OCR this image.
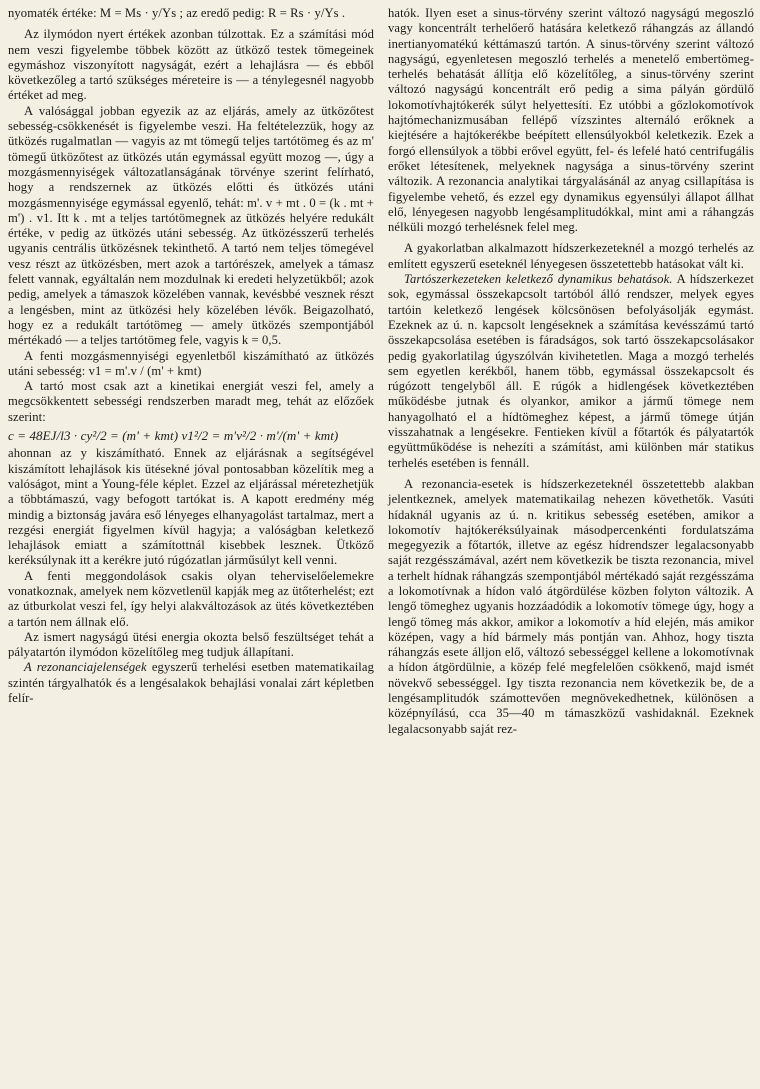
nyomaték értéke: M = Ms · y/Ys ; az eredő pedig: R = Rs · y/Ys .

Az ilymódon nyert értékek azonban túlzottak. Ez a számítási mód nem veszi figyelembe többek között az ütköző testek tömegeinek egymáshoz viszonyított nagyságát, ezért a lehajlásra — és ebből következőleg a tartó szükséges méreteire is — a ténylegesnél nagyobb értéket ad meg.

A valósággal jobban egyezik az az eljárás, amely az ütközőtest sebesség-csökkenését is figyelembe veszi. Ha feltételezzük, hogy az ütközés rugalmatlan — vagyis az mt tömegű teljes tartótömeg és az m' tömegű ütközőtest az ütközés után egymással együtt mozog —, úgy a mozgásmennyiségek változatlanságának törvénye szerint felírható, hogy a rendszernek az ütközés előtti és ütközés utáni mozgásmennyisége egymással egyenlő, tehát: m'. v + mt . 0 = (k . mt + m') . v1. Itt k . mt a teljes tartótömegnek az ütközés helyére redukált értéke, v pedig az ütközés utáni sebesség. Az ütközésszerű terhelés ugyanis centrális ütközésnek tekinthető. A tartó nem teljes tömegével vesz részt az ütközésben, mert azok a tartórészek, amelyek a támasz felett vannak, egyáltalán nem mozdulnak ki eredeti helyzetükből; azok pedig, amelyek a támaszok közelében vannak, kevésbbé vesznek részt a lengésben, mint az ütközési hely közelében lévők. Beigazolható, hogy ez a redukált tartótömeg — amely ütközés szempontjából mértékadó — a teljes tartótömeg fele, vagyis k = 0,5.

A fenti mozgásmennyiségi egyenletből kiszámítható az ütközés utáni sebesség: v1 = m'.v / (m' + kmt)

A tartó most csak azt a kinetikai energiát veszi fel, amely a megcsökkentett sebességi rendszerben maradt meg, tehát az előzőek szerint:

c = 48EJ/l3 · cy²/2 = (m' + kmt) v1²/2 = m'v²/2 · m'/(m' + kmt)

ahonnan az y kiszámítható. Ennek az eljárásnak a segítségével kiszámított lehajlások kis ütésekné jóval pontosabban közelítik meg a valóságot, mint a Young-féle képlet. Ezzel az eljárással méretezhetjük a többtámaszú, vagy befogott tartókat is. A kapott eredmény még mindig a biztonság javára eső lényeges elhanyagolást tartalmaz, mert a rezgési energiát figyelmen kívül hagyja; a valóságban keletkező lehajlások emiatt a számítottnál kisebbek lesznek. Ütköző keréksúlynak itt a kerékre jutó rúgózatlan járműsúlyt kell venni.

A fenti meggondolások csakis olyan teherviselőelemekre vonatkoznak, amelyek nem közvetlenül kapják meg az ütőterhelést; ezt az útburkolat veszi fel, így helyi alakváltozások az ütés következtében a tartón nem állnak elő.

Az ismert nagyságú ütési energia okozta belső feszültséget tehát a pályatartón ilymódon közelítőleg meg tudjuk állapítani.

A rezonanciajelenségek egyszerű terhelési esetben matematikailag szintén tárgyalhatók és a lengésalakok behajlási vonalai zárt képletben felír-

hatók. Ilyen eset a sinus-törvény szerint változó nagyságú megoszló vagy koncentrált terhelőerő hatására keletkező ráhangzás az állandó inertianyomatékú kéttámaszú tartón. A sinus-törvény szerint változó nagyságú, egyenletesen megoszló terhelés a menetelő embertömeg-terhelés behatását állítja elő közelítőleg, a sinus-törvény szerint változó nagyságú koncentrált erő pedig a sima pályán gördülő lokomotívhajtókerék súlyt helyettesíti. Ez utóbbi a gőzlokomotívok hajtómechanizmusában fellépő vízszintes alternáló erőknek a kiejtésére a hajtókerékbe beépített ellensúlyokból keletkezik. Ezek a forgó ellensúlyok a többi erővel együtt, fel- és lefelé ható centrifugális erőket létesítenek, melyeknek nagysága a sinus-törvény szerint változik. A rezonancia analytikai tárgyalásánál az anyag csillapítása is figyelembe vehető, és ezzel egy dynamikus egyensúlyi állapot állhat elő, lényegesen nagyobb lengésamplitudókkal, mint ami a ráhangzás nélküli mozgó terhelésnek felel meg.

A gyakorlatban alkalmazott hídszerkezeteknél a mozgó terhelés az említett egyszerű eseteknél lényegesen összetettebb hatásokat vált ki.

Tartószerkezeteken keletkező dynamikus behatások. A hídszerkezet sok, egymással összekapcsolt tartóból álló rendszer, melyek egyes tartóin keletkező lengések kölcsönösen befolyásolják egymást. Ezeknek az ú. n. kapcsolt lengéseknek a számítása kevésszámú tartó összekapcsolása esetében is fáradságos, sok tartó összekapcsolásakor pedig gyakorlatilag úgyszólván kivihetetlen. Maga a mozgó terhelés sem egyetlen kerékből, hanem több, egymással összekapcsolt és rúgózott tengelyből áll. E rúgók a hidlengések következtében működésbe jutnak és olyankor, amikor a jármű tömege nem hanyagolható el a hídtömeghez képest, a jármű tömege útján visszahatnak a lengésekre. Fentieken kívül a főtartók és pályatartók együttműködése is nehezíti a számítást, ami különben már statikus terhelés esetében is fennáll.

A rezonancia-esetek is hídszerkezeteknél összetettebb alakban jelentkeznek, amelyek matematikailag nehezen követhetők. Vasúti hídaknál ugyanis az ú. n. kritikus sebesség esetében, amikor a lokomotív hajtókeréksúlyainak másodpercenkénti fordulatszáma megegyezik a főtartók, illetve az egész hídrendszer legalacsonyabb saját rezgésszámával, azért nem következik be tiszta rezonancia, mivel a terhelt hídnak ráhangzás szempontjából mértékadó saját rezgésszáma a lokomotívnak a hídon való átgördülése közben folyton változik. A lengő tömeghez ugyanis hozzáadódik a lokomotív tömege úgy, hogy a lengő tömeg más akkor, amikor a lokomotív a híd elején, más amikor középen, vagy a híd bármely más pontján van. Ahhoz, hogy tiszta ráhangzás esete álljon elő, változó sebességgel kellene a lokomotívnak a hídon átgördülnie, a közép felé megfelelően csökkenő, majd ismét növekvő sebességgel. Igy tiszta rezonancia nem következik be, de a lengésamplitudók számottevően megnövekedhetnek, különösen a középnyílású, cca 35—40 m támaszközű vashidaknál. Ezeknek legalacsonyabb saját rez-
